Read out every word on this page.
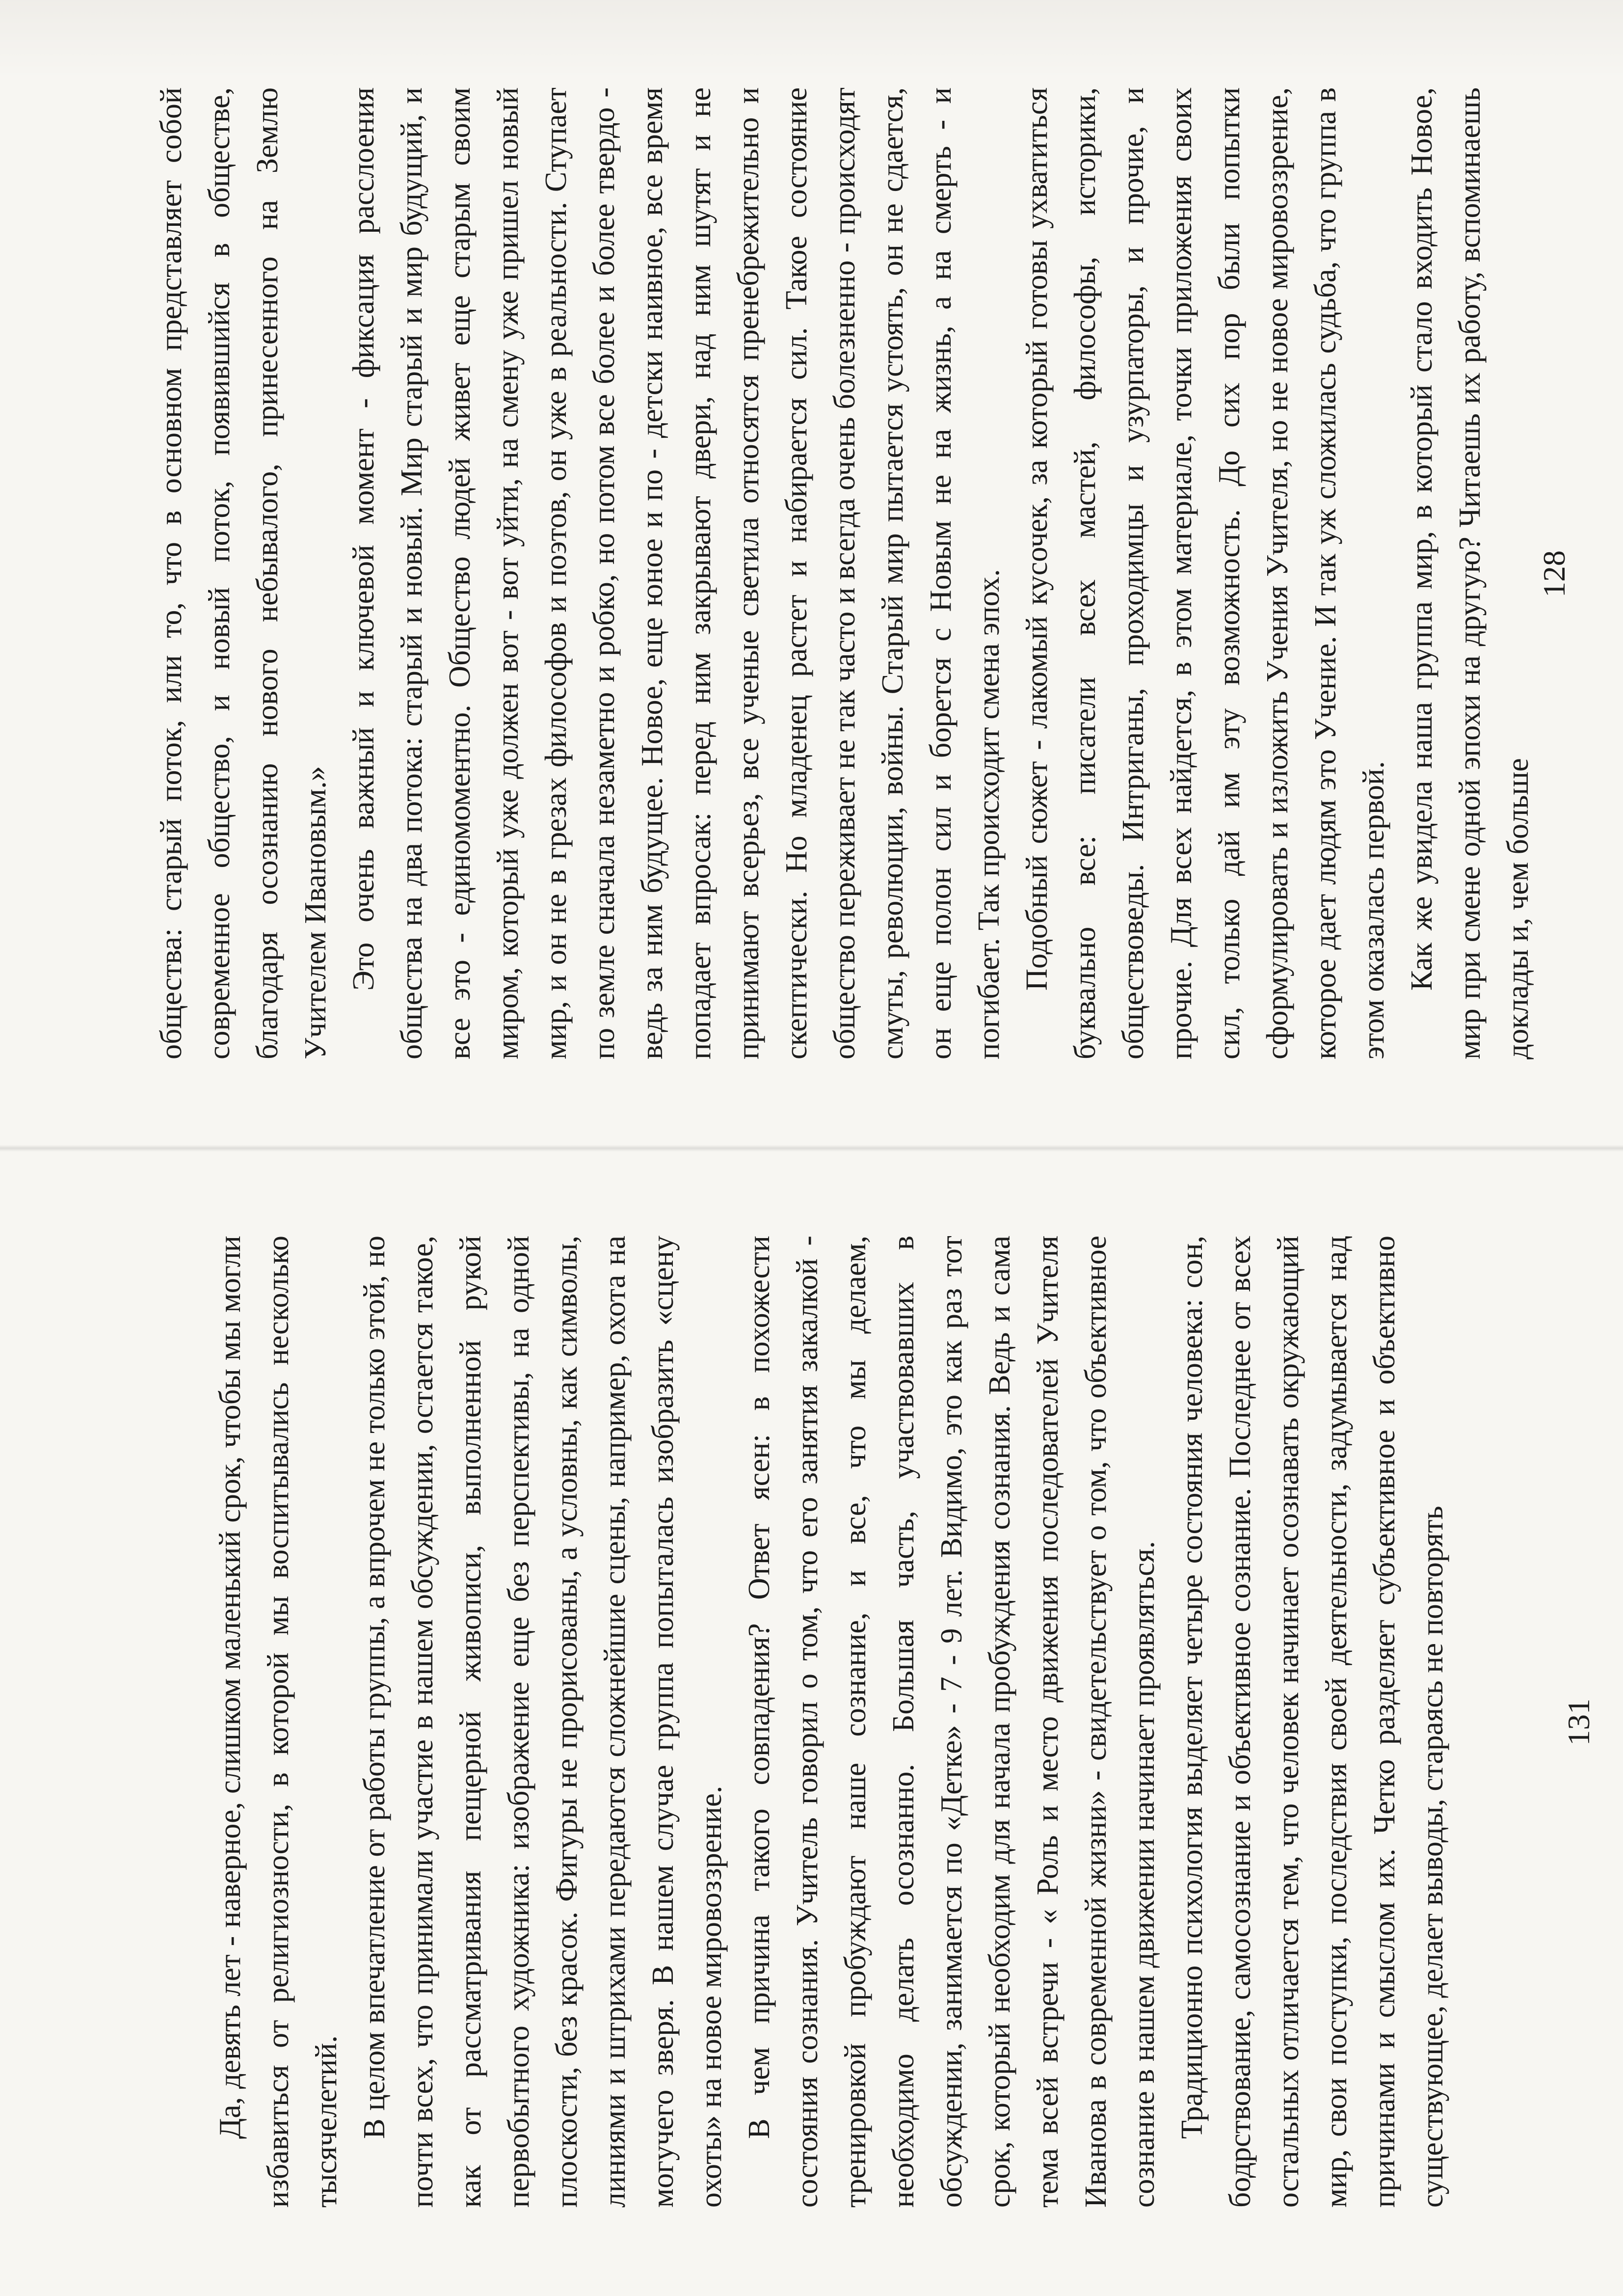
общества: старый поток, или то, что в основном представляет собой современное общество, и новый поток, появившийся в обществе, благодаря осознанию нового небывалого, принесенного на Землю Учителем Ивановым.» Это очень важный и ключевой момент - фиксация расслоения общества на два потока: старый и новый. Мир старый и мир будущий, и все это - единомоментно. Общество людей живет еще старым своим миром, который уже должен вот - вот уйти, на смену уже пришел новый мир, и он не в грезах философов и поэтов, он уже в реальности. Ступает по земле сначала незаметно и робко, но потом все более и более твердо - ведь за ним будущее. Новое, еще юное и по - детски наивное, все время попадает впросак: перед ним закрывают двери, над ним шутят и не принимают всерьез, все ученые светила относятся пренебрежительно и скептически. Но младенец растет и набирается сил. Такое состояние общество переживает не так часто и всегда очень болезненно - происходят смуты, революции, войны. Старый мир пытается устоять, он не сдается, он еще полон сил и борется с Новым не на жизнь, а на смерть - и погибает. Так происходит смена эпох. Подобный сюжет - лакомый кусочек, за который готовы ухватиться буквально все: писатели всех мастей, философы, историки, обществоведы. Интриганы, проходимцы и узурпаторы, и прочие, и прочие. Для всех найдется, в этом материале, точки приложения своих сил, только дай им эту возможность. До сих пор были попытки сформулировать и изложить Учения Учителя, но не новое мировоззрение, которое дает людям это Учение. И так уж сложилась судьба, что группа в этом оказалась первой. Как же увидела наша группа мир, в который стало входить Новое, мир при смене одной эпохи на другую? Читаешь их работу, вспоминаешь доклады и, чем больше

128

Да, девять лет - наверное, слишком маленький срок, чтобы мы могли избавиться от религиозности, в которой мы воспитывались несколько тысячелетий. В целом впечатление от работы группы, а впрочем не только этой, но почти всех, что принимали участие в нашем обсуждении, остается такое, как от рассматривания пещерной живописи, выполненной рукой первобытного художника: изображение еще без перспективы, на одной плоскости, без красок. Фигуры не прорисованы, а условны, как символы, линиями и штрихами передаются сложнейшие сцены, например, охота на могучего зверя. В нашем случае группа попыталась изобразить «сцену охоты» на новое мировоззрение. В чем причина такого совпадения? Ответ ясен: в похожести состояния сознания. Учитель говорил о том, что его занятия закалкой - тренировкой пробуждают наше сознание, и все, что мы делаем, необходимо делать осознанно. Большая часть, участвовавших в обсуждении, занимается по «Детке» - 7 - 9 лет. Видимо, это как раз тот срок, который необходим для начала пробуждения сознания. Ведь и сама тема всей встречи - « Роль и место движения последователей Учителя Иванова в современной жизни» - свидетельствует о том, что объективное сознание в нашем движении начинает проявляться. Традиционно психология выделяет четыре состояния человека: сон, бодрствование, самосознание и объективное сознание. Последнее от всех остальных отличается тем, что человек начинает осознавать окружающий мир, свои поступки, последствия своей деятельности, задумывается над причинами и смыслом их. Четко разделяет субъективное и объективно существующее, делает выводы, стараясь не повторять	131
